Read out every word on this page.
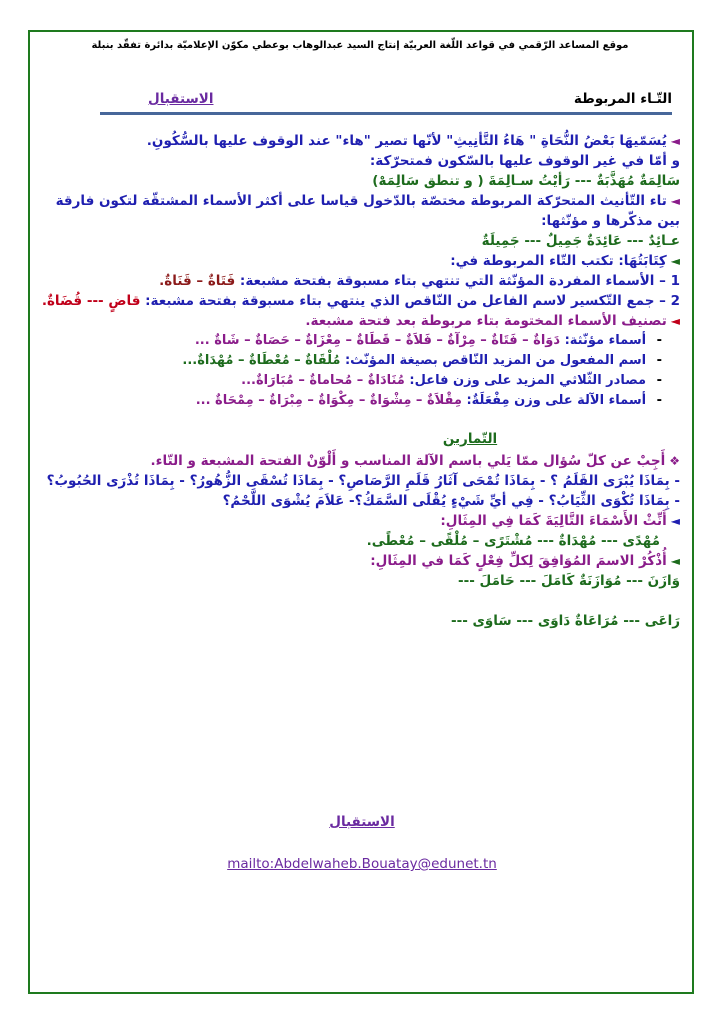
موقع المساعد الرّقمي في قواعد اللّغة العربيّة إنتاج السيد عبدالوهاب بوعطي مكوّن الإعلاميّة بدائرة تفقّد بنبلة
التّـاء المربوطة
الاستقبال

◄يُسَمّيهَا بَعْضُ النُّحَاةِ " هَاءُ التَّأنِيثِ" لأنّها تصير "هاء" عند الوقوف عليها بالسُّكُونِ.

و أمّا في غير الوقوف عليها بالسّكون فمتحرّكة:

سَالِمَةٌ مُهَذَّبَةٌ --- رَأيْتُ سـالِمَةَ ( و تنطق سَالِمَهْ)

◄تاء التّأنيث المتحرّكة المربوطة مختصّة بالدّخول قياسا على أكثر الأسماء المشتقّة لتكون فارقة بين مذكّرها و مؤنّثها:

عـائِدٌ --- عَائِدَةٌ جَمِيلٌ --- جَمِيلَةٌ

◄كِتَابَتُهَا: تكتب التّاء المربوطة في:

1 – الأسماء المفردة المؤنّثة التي تنتهي بتاء مسبوقة بفتحة مشبعة: فَتَاةٌ – قَنَاةٌ.

2 – جمع التّكسير لاسم الفاعل من النّاقص الذي ينتهي بتاء مسبوقة بفتحة مشبعة: قاضٍ --- قُضَاةٌ.

◄تصنيف الأسماء المختومة بتاء مربوطة بعد فتحة مشبعة.

- أسماء مؤنّثة: دَوَاةٌ – فَتَاةٌ – مِرْآةٌ – فَلاَةٌ – قَطَاةٌ – مِعْزَاةٌ – حَصَاةٌ – شَاةٌ ...
- اسم المفعول من المزيد النّاقص بصيغة المؤنّث: مُلْقَاةٌ – مُعْطَاةٌ – مُهْدَاةٌ...
- مصادر الثّلاثي المزيد على وزن فاعل: مُنَادَاةٌ – مُحاماةٌ – مُبَارَاةٌ...
- أسماء الآلة على وزن مِفْعَلَةٌ: مِقْلاَةٌ – مِشْوَاةٌ – مِكْوَاةٌ – مِبْرَاةٌ – مِمْحَاةٌ ...
التّمارين

❖أَجِبْ عن كلّ سُؤال ممّا يَلي باسم الآلة المناسب و أَلْوّنْ الفتحة المشبعة و التّاء.

- بِمَاذَا يُبْرَى القَلَمُ ؟ - بِمَاذَا تُمْحَى آثَارُ قَلَمِ الرَّصَاصِ؟ - بِمَاذَا تُسْقَى الزُّهُورُ؟ - بِمَاذَا تُذْرَى الحُبُوبُ؟ - بِمَاذَا تُكْوَى الثِّيَابُ؟ - فِي أيِّ شَيْءٍ يُقْلَى السَّمَكُ؟- عَلاَمَ يُشْوَى اللَّحْمُ؟

◄أَنِّثْ الأَسْمَاءَ التَّالِيَةَ كَمَا فِي المِثَالِ:

مُهْدًى --- مُهْدَاةٌ --- مُشْتَرًى – مُلْقًى – مُعْطًى.

◄أُذْكُرْ الاسمَ المُوَافِقَ لِكلِّ فِعْلٍ كَمَا في المِثَالِ:

وَازَنَ --- مُوَازَنَةٌ كَامَلَ --- حَامَلَ ---

رَاعَى --- مُرَاعَاةٌ دَاوَى --- سَاوَى ---

الاستقبال
mailto:Abdelwaheb.Bouatay@edunet.tn
